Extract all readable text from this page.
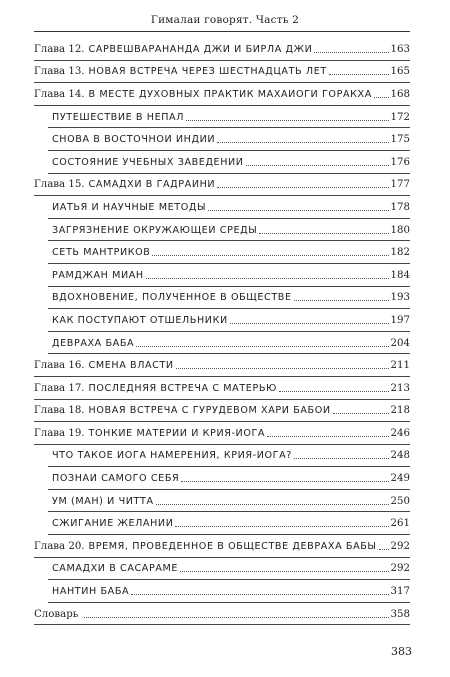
Гималаи говорят. Часть 2
Глава 12. САРВЕШВАРАНАНДА ДЖИ И БИРЛА ДЖИ	163
Глава 13. НОВАЯ ВСТРЕЧА ЧЕРЕЗ ШЕСТНАДЦАТЬ ЛЕТ	165
Глава 14. В МЕСТЕ ДУХОВНЫХ ПРАКТИК МАХАЙОГИ ГОРАКХА 168
ПУТЕШЕСТВИЕ В НЕПАЛ	172
СНОВА В ВОСТОЧНОЙ ИНДИИ	175
СОСТОЯНИЕ УЧЕБНЫХ ЗАВЕДЕНИЙ	176
Глава 15. САМАДХИ В ГАДРАИНИ	177
ЙАТЬЯ И НАУЧНЫЕ МЕТОДЫ	178
ЗАГРЯЗНЕНИЕ ОКРУЖАЮЩЕЙ СРЕДЫ	180
СЕТЬ МАНТРИКОВ	182
РАМДЖАН МИАН	184
ВДОХНОВЕНИЕ, ПОЛУЧЕННОЕ В ОБЩЕСТВЕ	193
КАК ПОСТУПАЮТ ОТШЕЛЬНИКИ	197
ДЕВРАХA БАБА	204
Глава 16. СМЕНА ВЛАСТИ	211
Глава 17. ПОСЛЕДНЯЯ ВСТРЕЧА С МАТЕРЬЮ	213
Глава 18. НОВАЯ ВСТРЕЧА С ГУРУДЕВОМ ХАРИ БАБОЙ	218
Глава 19. ТОНКИЕ МАТЕРИИ И КРИЯ-ЙОГА	246
ЧТО ТАКОЕ ЙОГА НАМЕРЕНИЯ, КРИЯ-ЙОГА?	248
ПОЗНАЙ САМОГО СЕБЯ	249
УМ (МАН) И ЧИТТА	250
СЖИГАНИЕ ЖЕЛАНИЙ	261
Глава 20. ВРЕМЯ, ПРОВЕДЕННОЕ В ОБЩЕСТВЕ ДЕВРAХА БАБЫ 292
САМАДХИ В САСАРАМЕ	292
НАНТИН БАБА	317
Словарь	358
383
